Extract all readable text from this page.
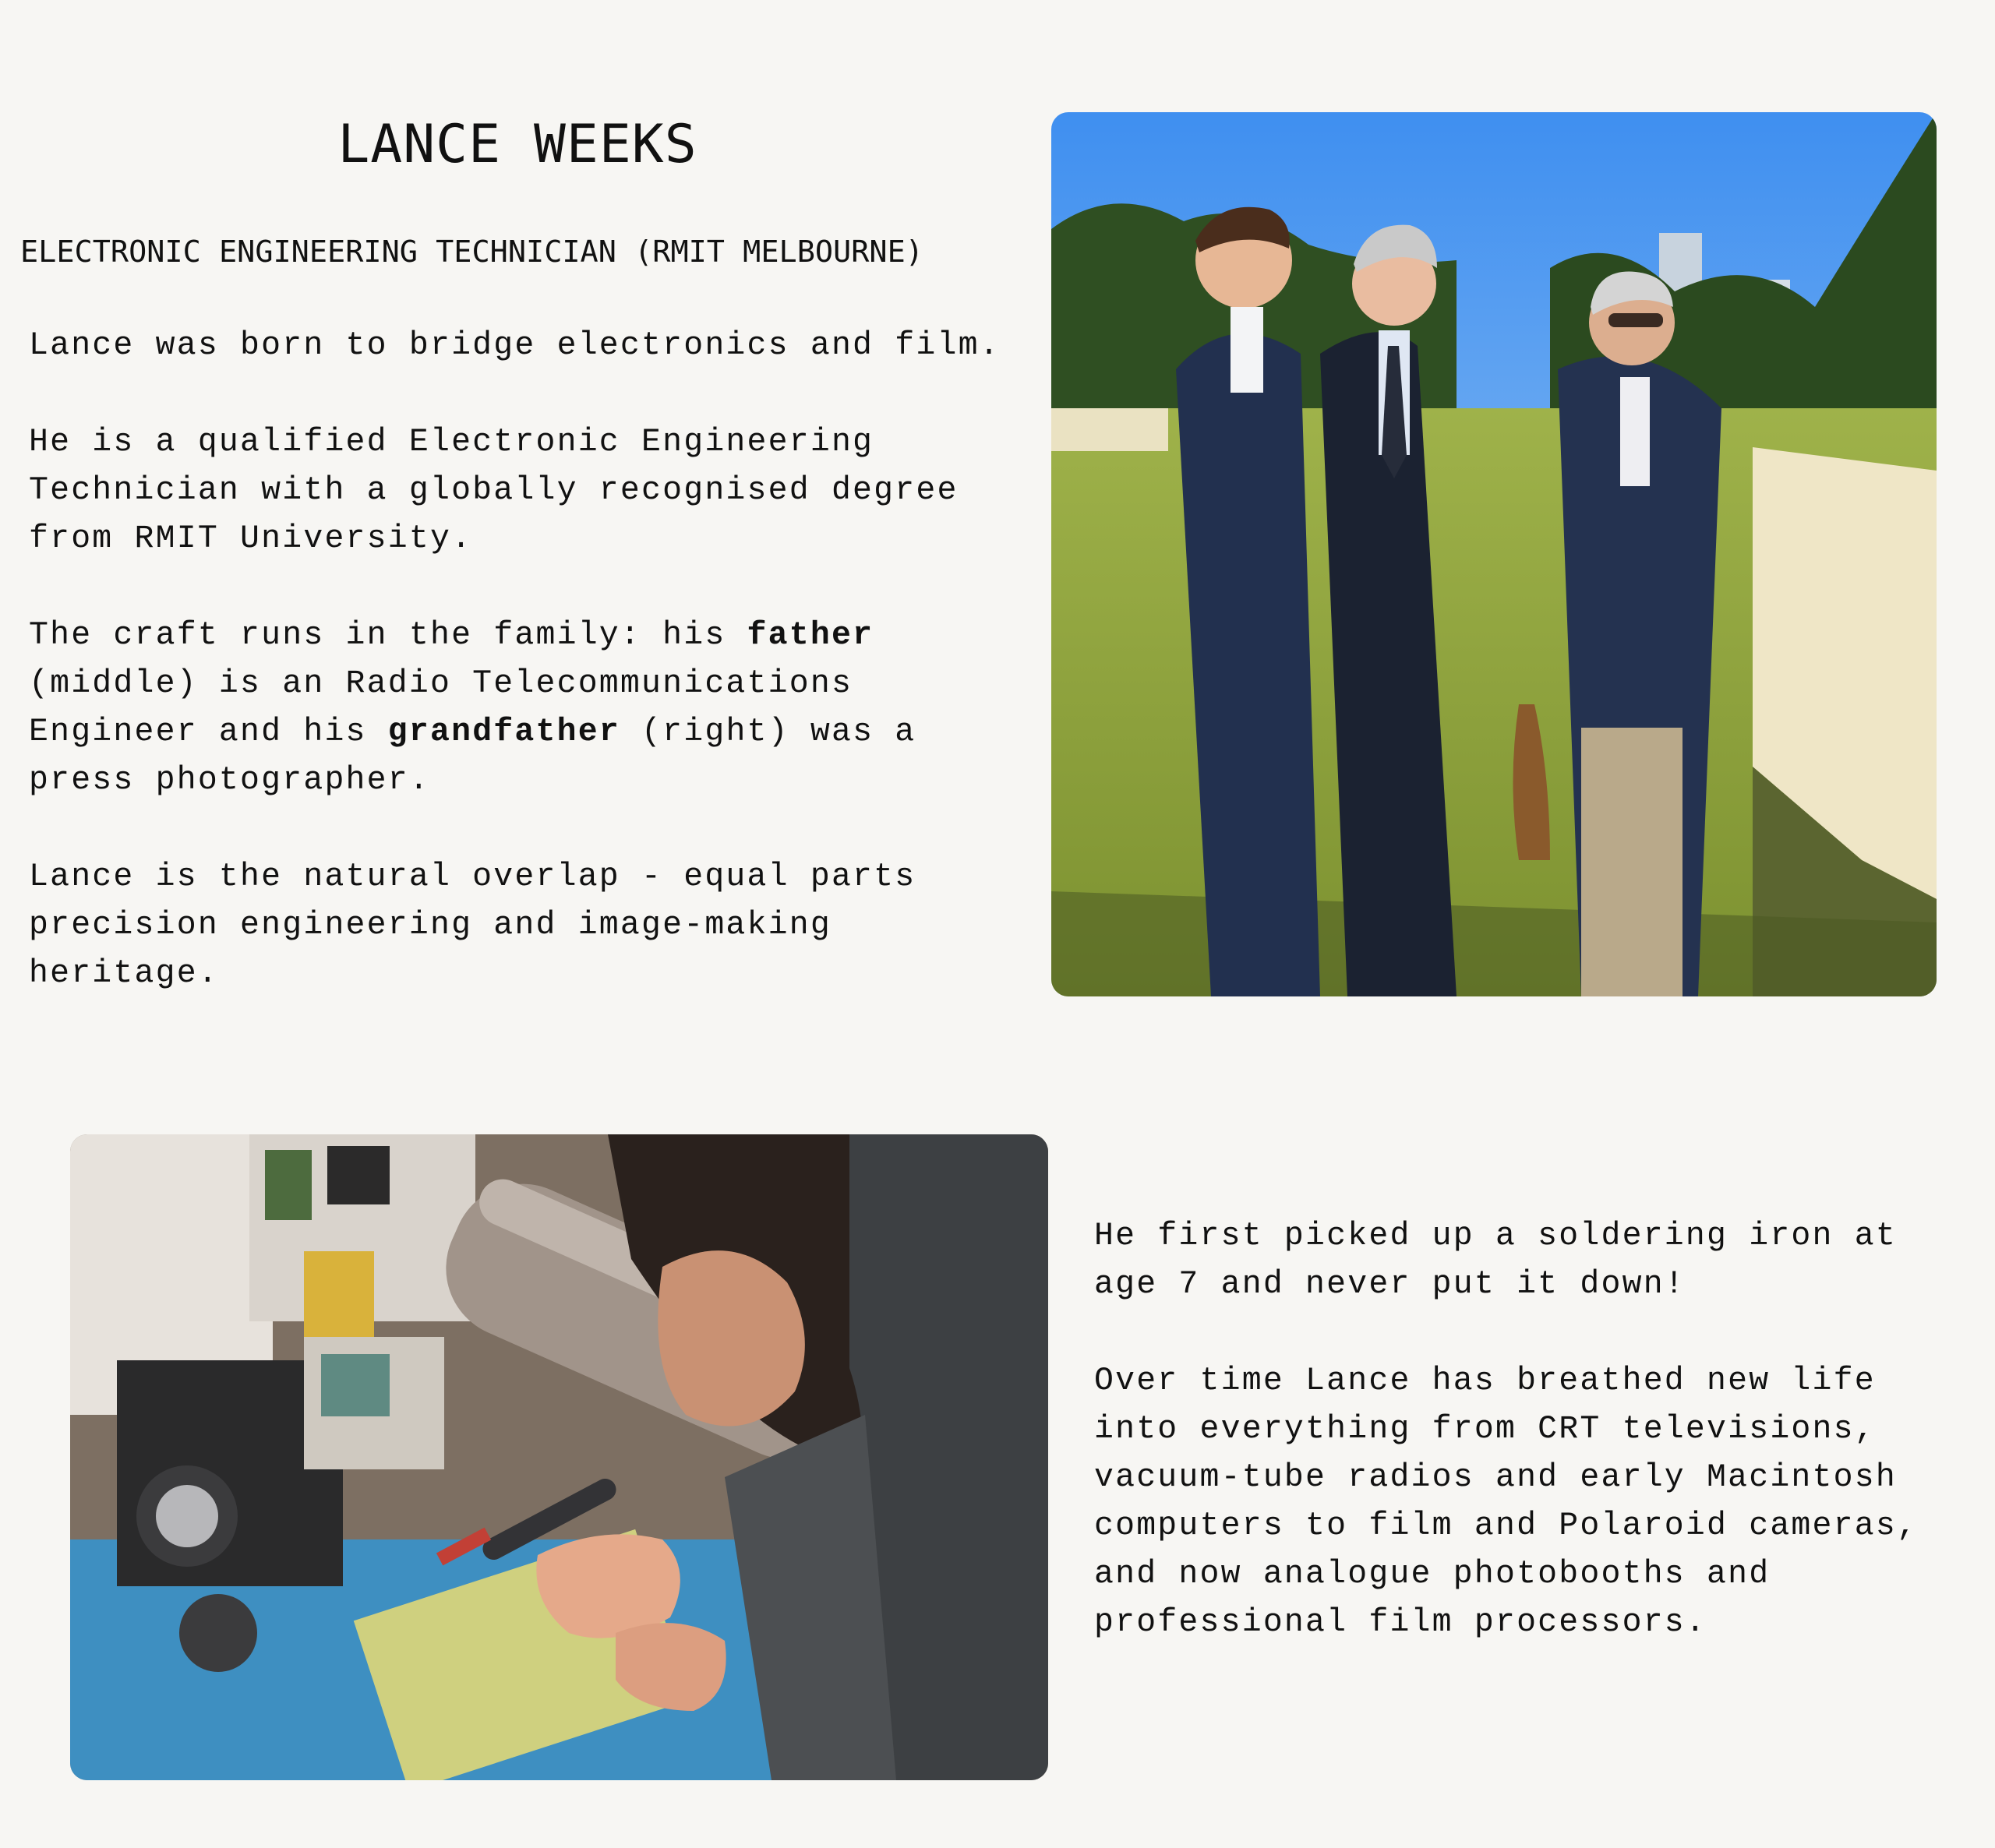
LANCE WEEKS
ELECTRONIC ENGINEERING TECHNICIAN (RMIT MELBOURNE)

Lance was born to bridge electronics and film.

He is a qualified Electronic Engineering
Technician with a globally recognised degree
from RMIT University.

The craft runs in the family: his father
(middle) is an Radio Telecommunications
Engineer and his grandfather (right) was a
press photographer.

Lance is the natural overlap - equal parts
precision engineering and image-making
heritage.

He first picked up a soldering iron at
age 7 and never put it down!

Over time Lance has breathed new life
into everything from CRT televisions,
vacuum-tube radios and early Macintosh
computers to film and Polaroid cameras,
and now analogue photobooths and
professional film processors.
